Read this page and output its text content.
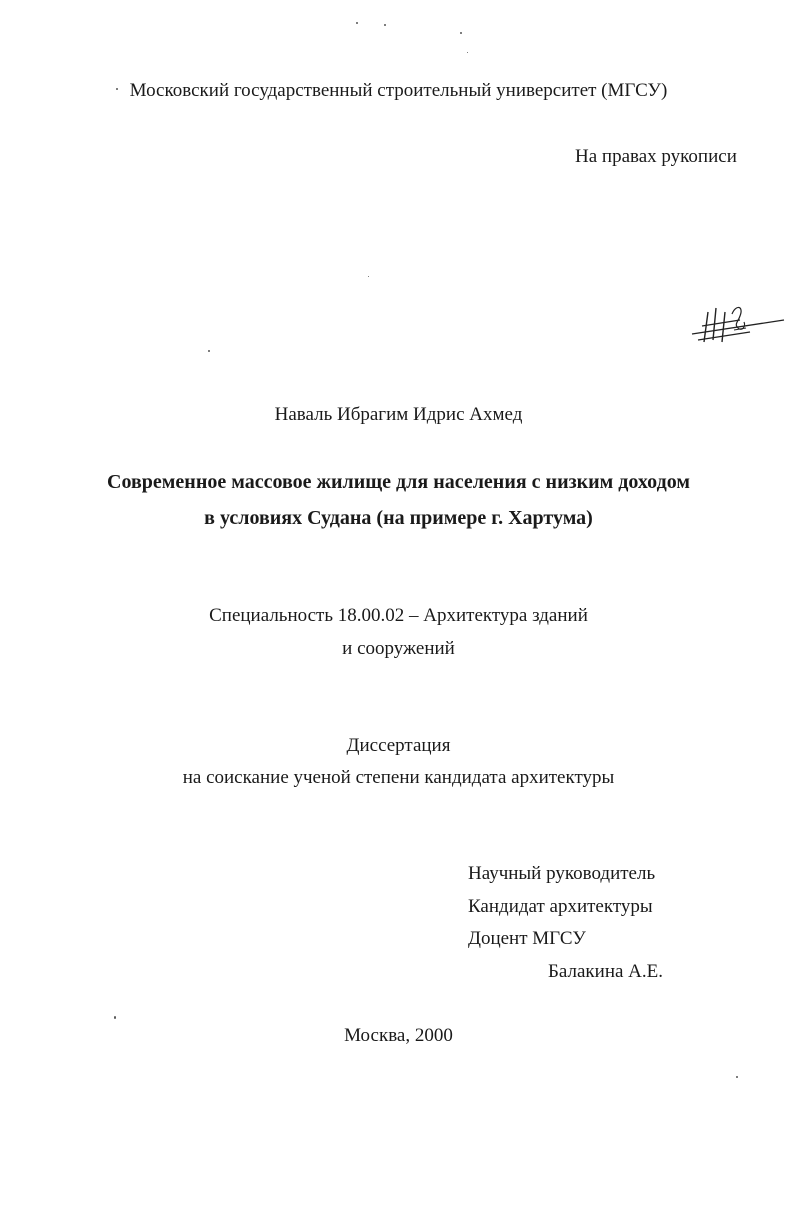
Московский государственный строительный университет (МГСУ)
На правах рукописи
Наваль Ибрагим Идрис Ахмед
Современное массовое жилище для населения с низким доходом
в условиях Судана (на примере г. Хартума)
Специальность 18.00.02 – Архитектура зданий
и сооружений
Диссертация
на соискание ученой степени кандидата архитектуры
Научный руководитель
Кандидат архитектуры
Доцент МГСУ
Балакина А.Е.
Москва, 2000
